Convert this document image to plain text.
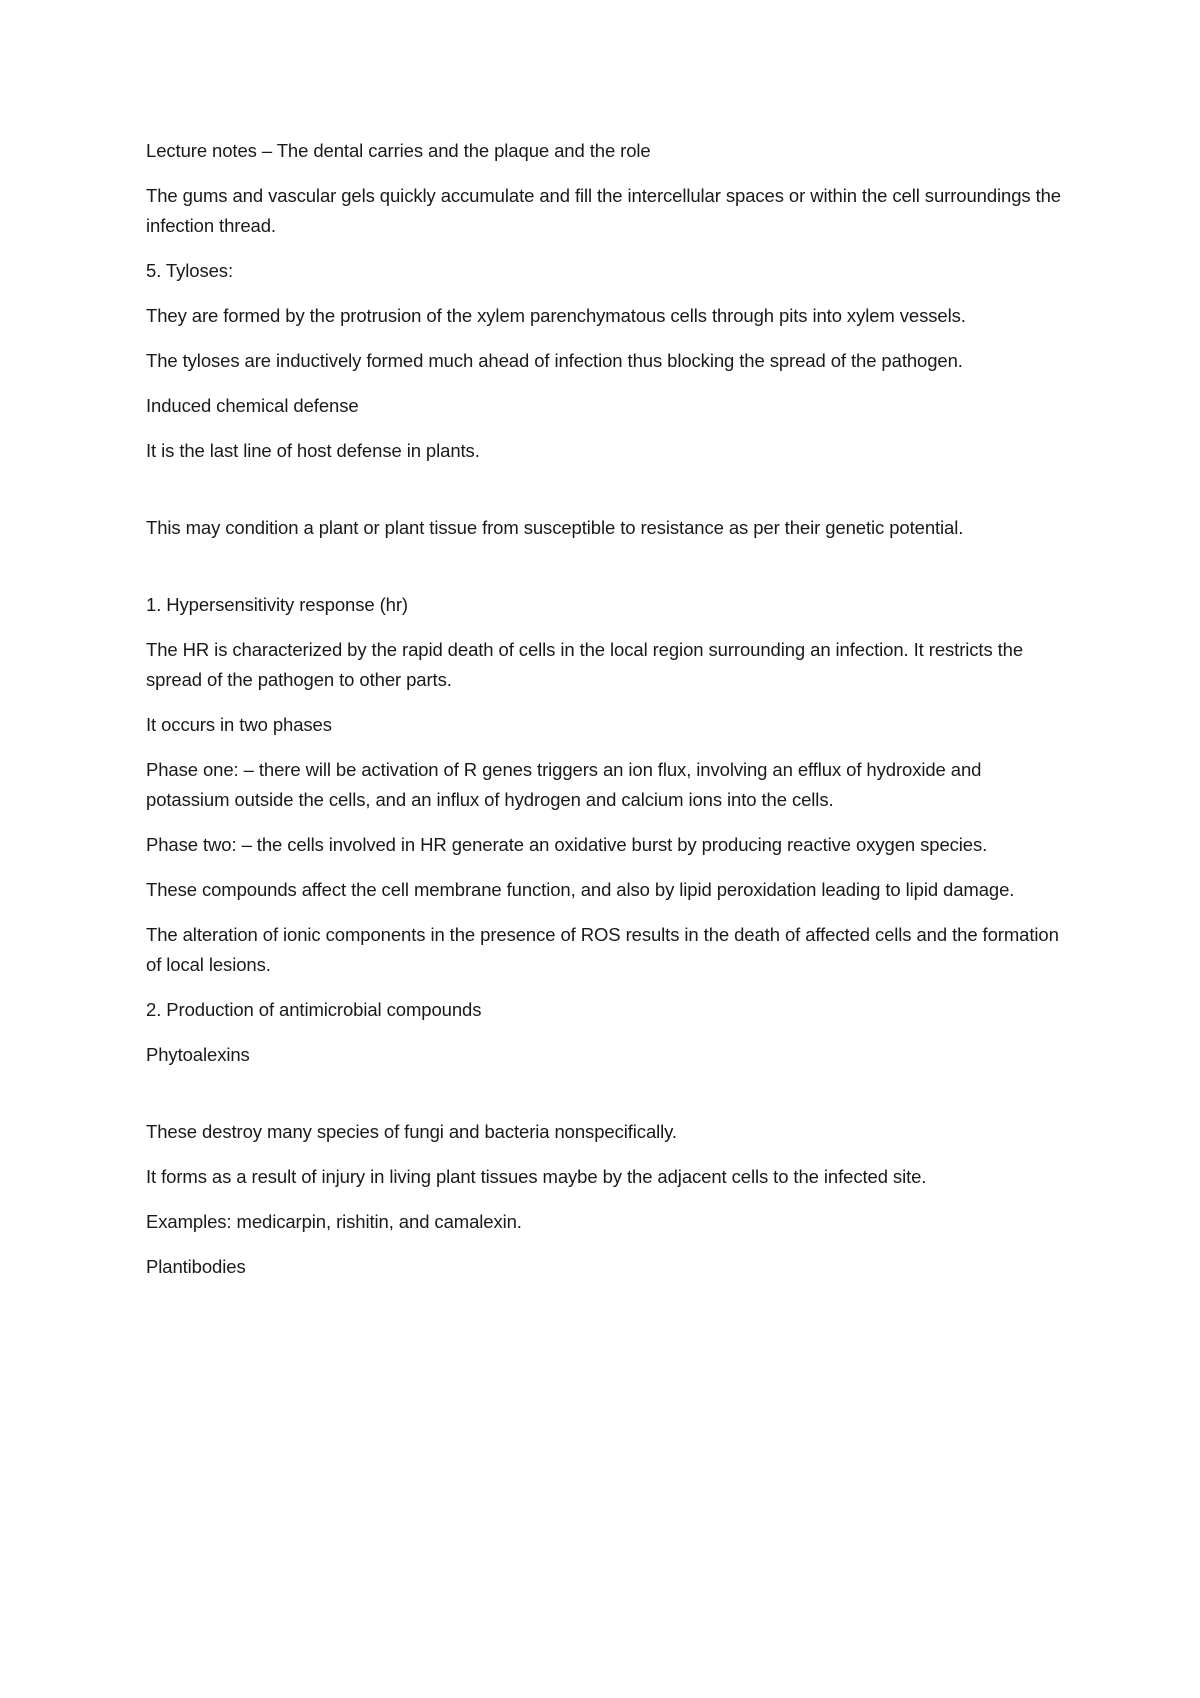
Lecture notes – The dental carries and the plaque and the role

The gums and vascular gels quickly accumulate and fill the intercellular spaces or within the cell surroundings the infection thread.

5. Tyloses:

They are formed by the protrusion of the xylem parenchymatous cells through pits into xylem vessels.

The tyloses are inductively formed much ahead of infection thus blocking the spread of the pathogen.

Induced chemical defense

It is the last line of host defense in plants.

This may condition a plant or plant tissue from susceptible to resistance as per their genetic potential.

1. Hypersensitivity response (hr)

The HR is characterized by the rapid death of cells in the local region surrounding an infection. It restricts the spread of the pathogen to other parts.

It occurs in two phases

Phase one: – there will be activation of R genes triggers an ion flux, involving an efflux of hydroxide and potassium outside the cells, and an influx of hydrogen and calcium ions into the cells.

Phase two: – the cells involved in HR generate an oxidative burst by producing reactive oxygen species.

These compounds affect the cell membrane function, and also by lipid peroxidation leading to lipid damage.

The alteration of ionic components in the presence of ROS results in the death of affected cells and the formation of local lesions.

2. Production of antimicrobial compounds

Phytoalexins

These destroy many species of fungi and bacteria nonspecifically.

It forms as a result of injury in living plant tissues maybe by the adjacent cells to the infected site.

Examples: medicarpin, rishitin, and camalexin.

Plantibodies
